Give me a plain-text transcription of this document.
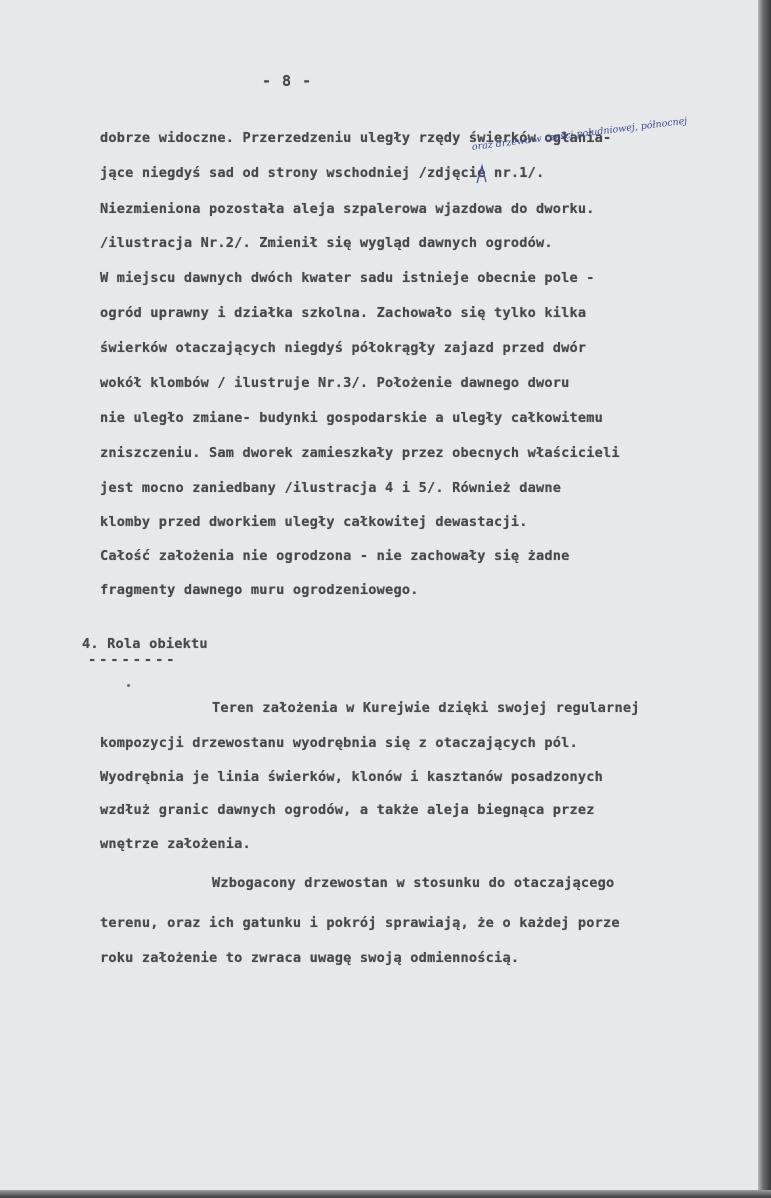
- 8 -
dobrze widoczne. Przerzedzeniu uległy rzędy świerków ogłania-
jące niegdyś sad od strony wschodniej /zdjęcie nr.1/.
Niezmieniona pozostała aleja szpalerowa wjazdowa do dworku.
/ilustracja Nr.2/. Zmienił się wygląd dawnych ogrodów.
W miejscu dawnych dwóch kwater sadu istnieje obecnie pole -
ogród uprawny i działka szkolna. Zachowało się tylko kilka
świerków otaczających niegdyś półokrągły zajazd przed dwór
wokół klombów / ilustruje Nr.3/. Położenie dawnego dworu
nie uległo zmiane- budynki gospodarskie a uległy całkowitemu
zniszczeniu. Sam dworek zamieszkały przez obecnych właścicieli
jest mocno zaniedbany /ilustracja 4 i 5/. Również dawne
klomby przed dworkiem uległy całkowitej dewastacji.
Całość założenia nie ogrodzona - nie zachowały się żadne
fragmenty dawnego muru ogrodzeniowego.
oraz drzewa w części południowej, północnej
4. Rola obiektu
--------
Teren założenia w Kurejwie dzięki swojej regularnej
kompozycji drzewostanu wyodrębnia się z otaczających pól.
Wyodrębnia je linia świerków, klonów i kasztanów posadzonych
wzdłuż granic dawnych ogrodów, a także aleja biegnąca przez
wnętrze założenia.
Wzbogacony drzewostan w stosunku do otaczającego
terenu, oraz ich gatunku i pokrój sprawiają, że o każdej porze
roku założenie to zwraca uwagę swoją odmiennością.
